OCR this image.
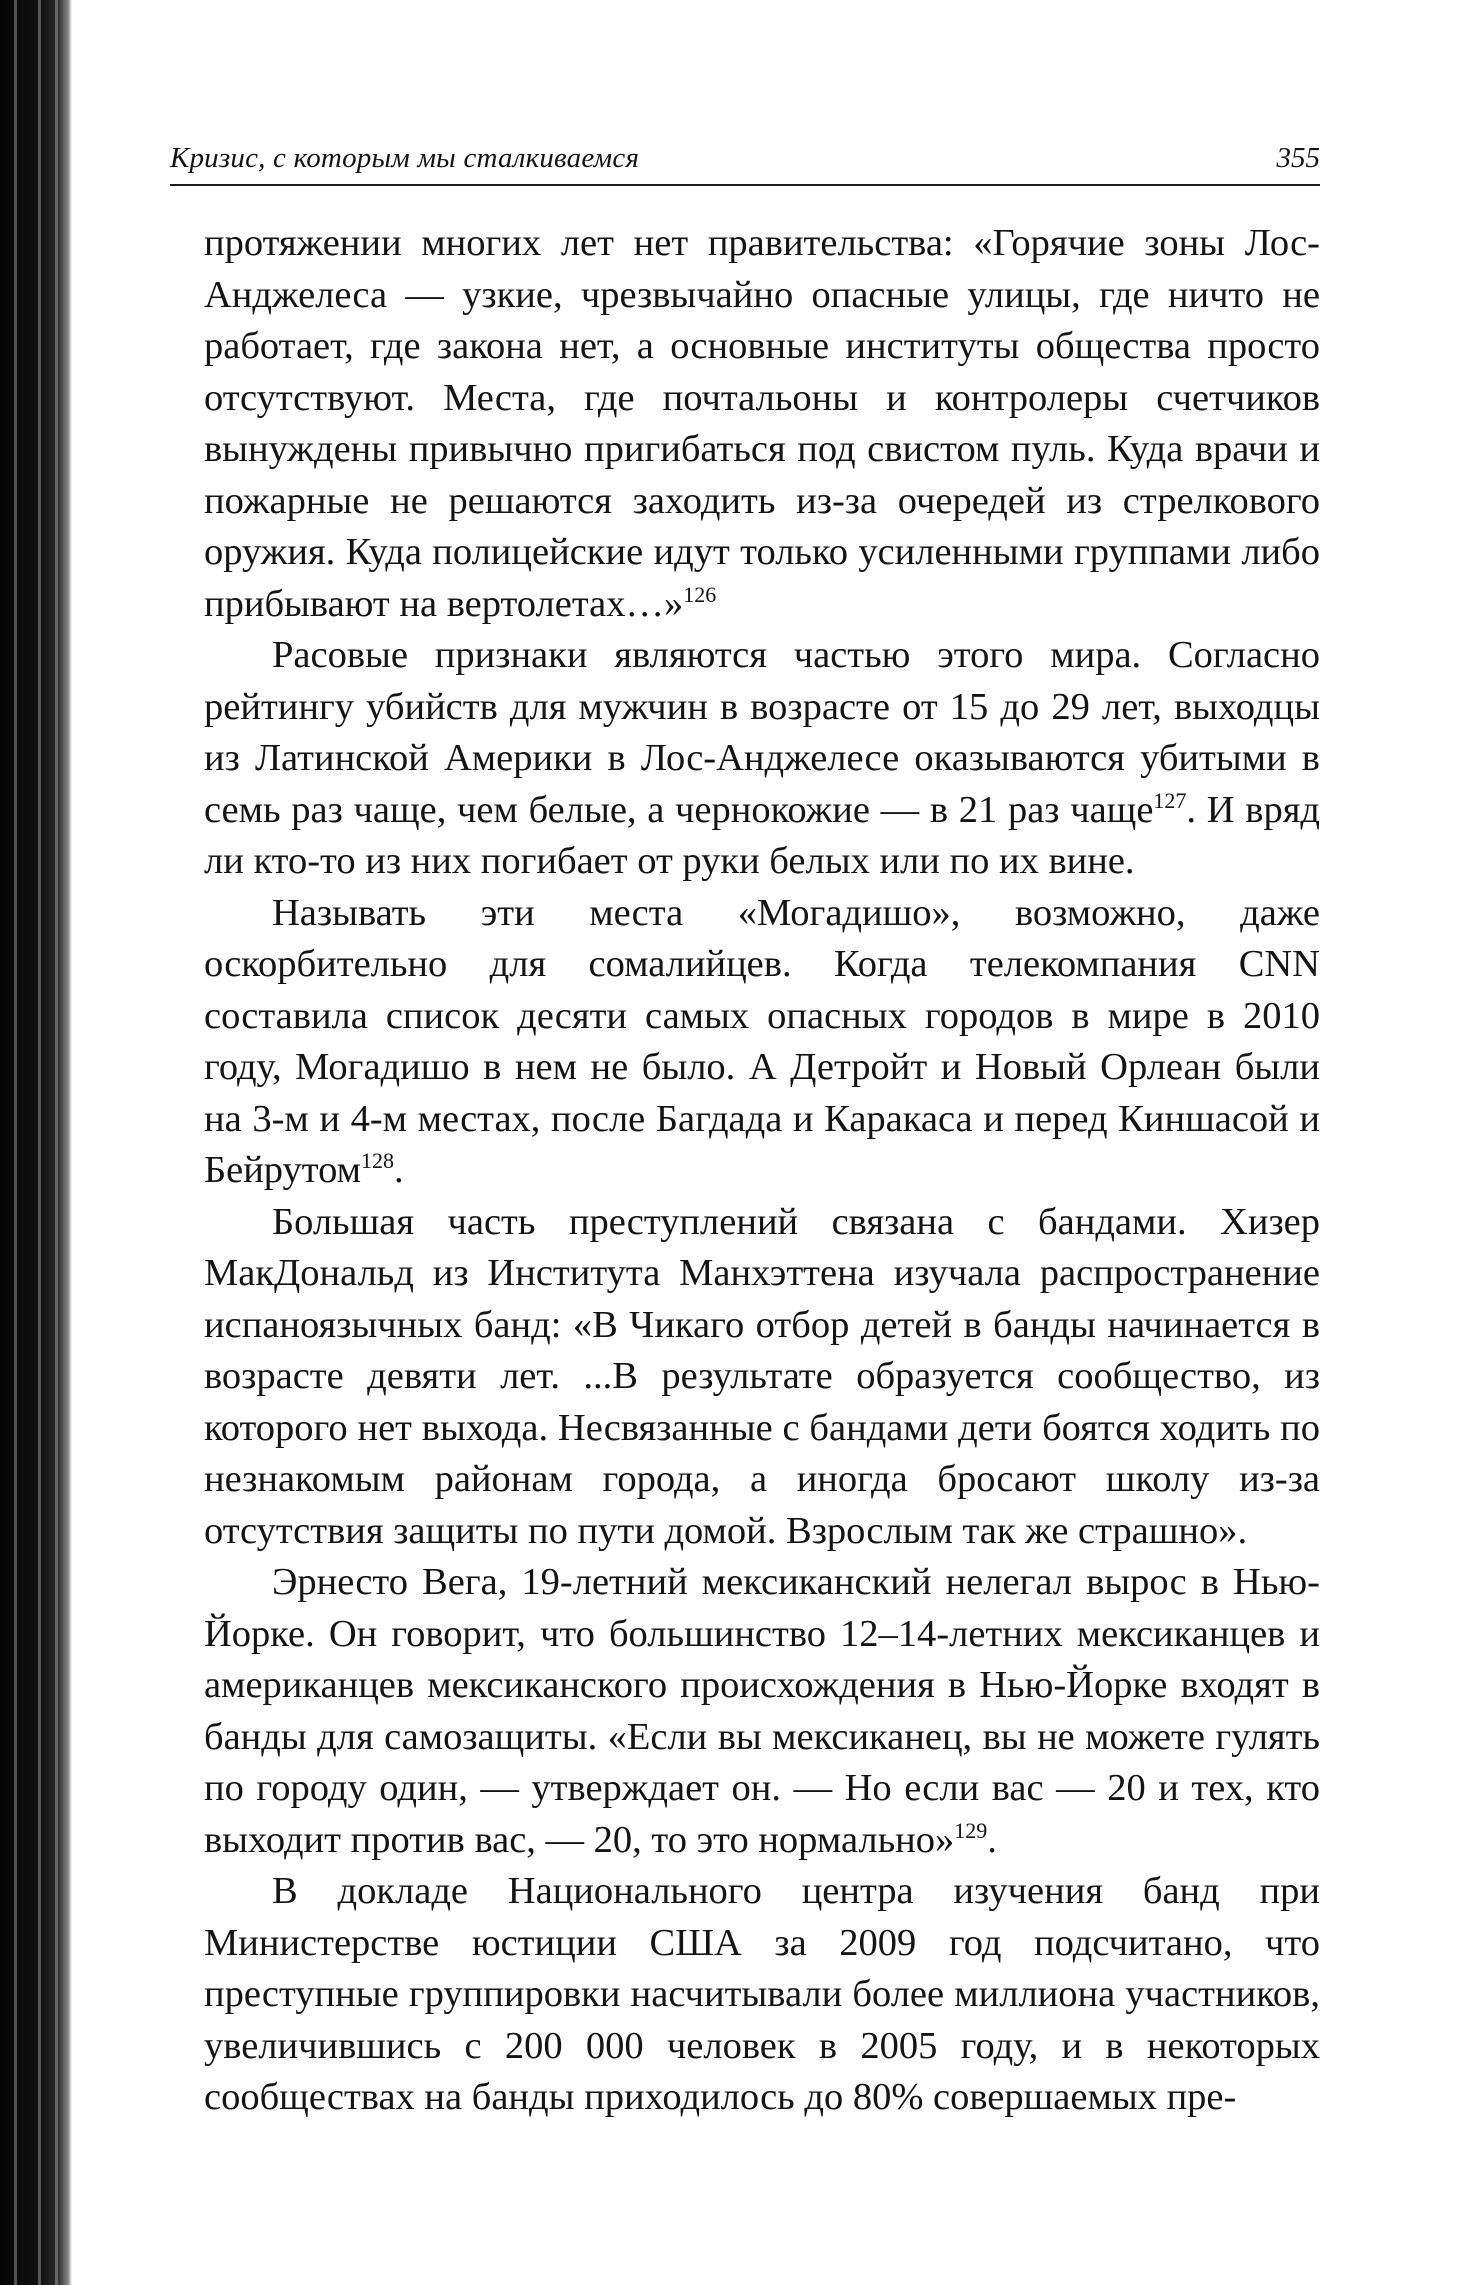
Кризис, с которым мы сталкиваемся	355

протяжении многих лет нет правительства: «Горячие зоны Лос-Анджелеса — узкие, чрезвычайно опасные улицы, где ничто не работает, где закона нет, а основные институты общества просто отсутствуют. Места, где почтальоны и контролеры счетчиков вынуждены привычно пригибаться под свистом пуль. Куда врачи и пожарные не решаются заходить из-за очередей из стрелкового оружия. Куда полицейские идут только усиленными группами либо прибывают на вертолетах…»$^{126}$

Расовые признаки являются частью этого мира. Согласно рейтингу убийств для мужчин в возрасте от 15 до 29 лет, выходцы из Латинской Америки в Лос-Анджелесе оказываются убитыми в семь раз чаще, чем белые, а чернокожие — в 21 раз чаще$^{127}$. И вряд ли кто-то из них погибает от руки белых или по их вине.

Называть эти места «Могадишо», возможно, даже оскорбительно для сомалийцев. Когда телекомпания CNN составила список десяти самых опасных городов в мире в 2010 году, Могадишо в нем не было. А Детройт и Новый Орлеан были на 3-м и 4-м местах, после Багдада и Каракаса и перед Киншасой и Бейрутом$^{128}$.

Большая часть преступлений связана с бандами. Хизер МакДональд из Института Манхэттена изучала распространение испаноязычных банд: «В Чикаго отбор детей в банды начинается в возрасте девяти лет. ...В результате образуется сообщество, из которого нет выхода. Несвязанные с бандами дети боятся ходить по незнакомым районам города, а иногда бросают школу из-за отсутствия защиты по пути домой. Взрослым так же страшно».

Эрнесто Вега, 19-летний мексиканский нелегал вырос в Нью-Йорке. Он говорит, что большинство 12–14-летних мексиканцев и американцев мексиканского происхождения в Нью-Йорке входят в банды для самозащиты. «Если вы мексиканец, вы не можете гулять по городу один, — утверждает он. — Но если вас — 20 и тех, кто выходит против вас, — 20, то это нормально»$^{129}$.

В докладе Национального центра изучения банд при Министерстве юстиции США за 2009 год подсчитано, что преступные группировки насчитывали более миллиона участников, увеличившись с 200 000 человек в 2005 году, и в некоторых сообществах на банды приходилось до 80% совершаемых пре-
